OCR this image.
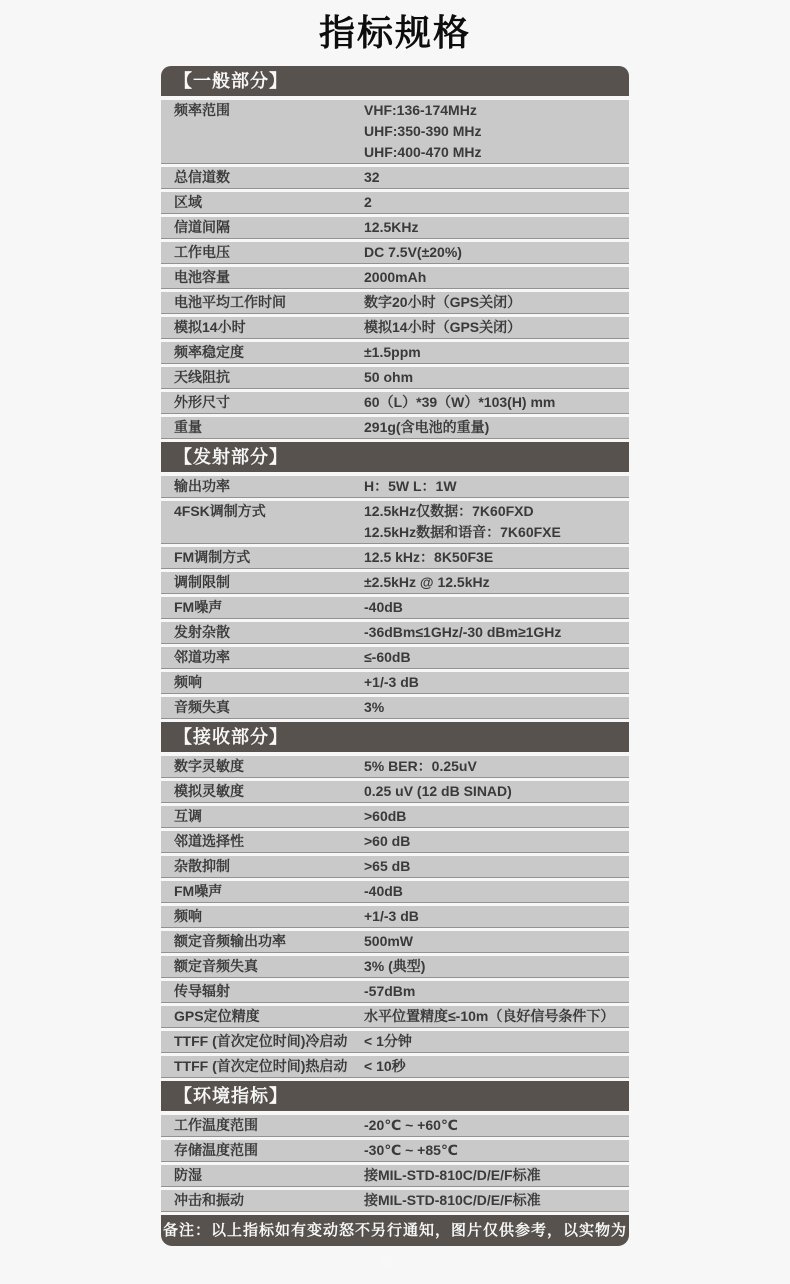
指标规格
【一般部分】
频率范围	VHF:136-174MHz
UHF:350-390 MHz
UHF:400-470 MHz
总信道数	32
区域	2
信道间隔	12.5KHz
工作电压	DC 7.5V(±20%)
电池容量	2000mAh
电池平均工作时间	数字20小时（GPS关闭）
模拟14小时	模拟14小时（GPS关闭）
频率稳定度	±1.5ppm
天线阻抗	50 ohm
外形尺寸	60（L）*39（W）*103(H) mm
重量	291g(含电池的重量)
【发射部分】
输出功率	H：5W L：1W
4FSK调制方式	12.5kHz仅数据：7K60FXD
12.5kHz数据和语音：7K60FXE
FM调制方式	12.5 kHz：8K50F3E
调制限制	±2.5kHz @ 12.5kHz
FM噪声	-40dB
发射杂散	-36dBm≤1GHz/-30 dBm≥1GHz
邻道功率	≤-60dB
频响	+1/-3 dB
音频失真	3%
【接收部分】
数字灵敏度	5% BER：0.25uV
模拟灵敏度	0.25 uV (12 dB SINAD)
互调	>60dB
邻道选择性	>60 dB
杂散抑制	>65 dB
FM噪声	-40dB
频响	+1/-3 dB
额定音频输出功率	500mW
额定音频失真	3% (典型)
传导辐射	-57dBm
GPS定位精度	水平位置精度≤-10m（良好信号条件下）
TTFF (首次定位时间)冷启动	< 1分钟
TTFF (首次定位时间)热启动	< 10秒
【环境指标】
工作温度范围	-20℃ ~ +60℃
存储温度范围	-30℃ ~ +85℃
防湿	接MIL-STD-810C/D/E/F标准
冲击和振动	接MIL-STD-810C/D/E/F标准
备注：以上指标如有变动怒不另行通知，图片仅供参考，以实物为准。
